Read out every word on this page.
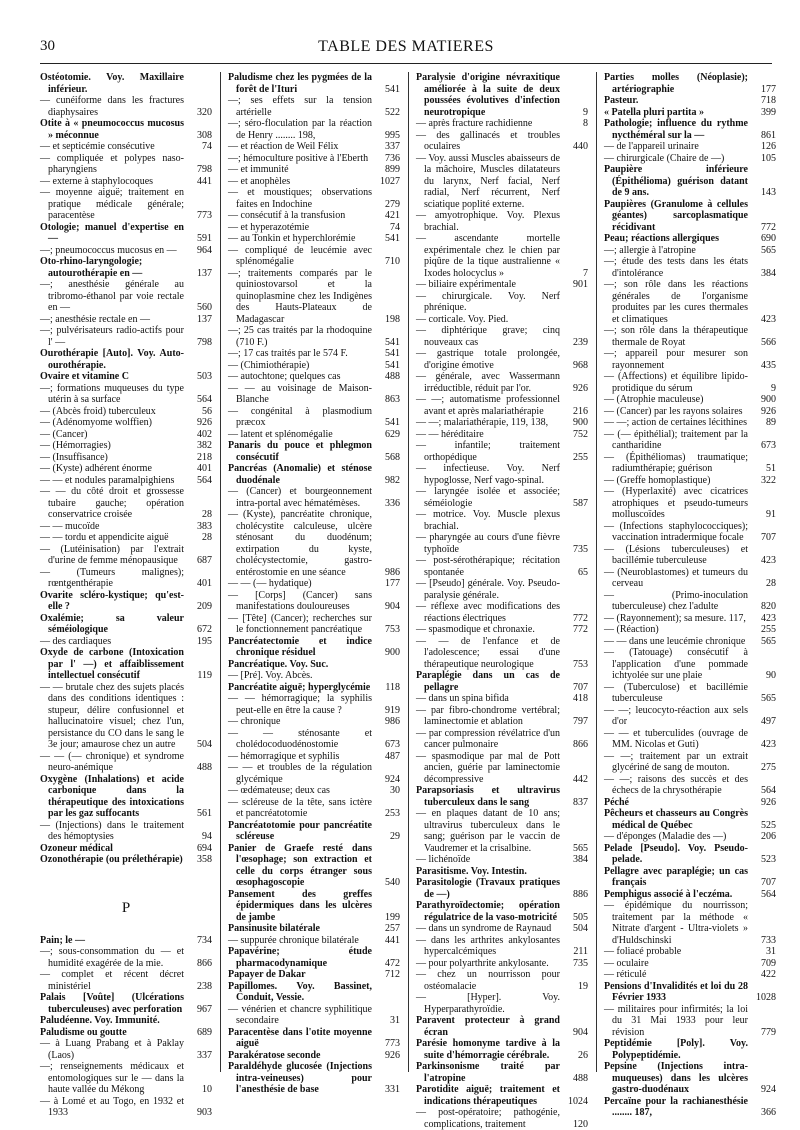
30	TABLE DES MATIERES

Ostéotomie. Voy. Maxillaire inférieur.

— cunéiforme dans les fractures diaphysaires	320

Otite à « pneumococcus mucosus » méconnue	308

— et septicémie consécutive	74

— compliquée et polypes naso-pharyngiens	798

— externe à staphylocoques	441

— moyenne aiguë; traitement en pratique médicale générale; paracentèse	773

Otologie; manuel d'expertise en —	591

—; pneumococcus mucosus en — 964

Oto-rhino-laryngologie; autourothérapie en —	137

—; anesthésie générale au tribromo-éthanol par voie rectale en —	560

—; anesthésie rectale en —	137

—; pulvérisateurs radio-actifs pour l' —	798

Ourothérapie [Auto]. Voy. Auto-ourothérapie.

Ovaire et vitamine C	503

—; formations muqueuses du type utérin à sa surface	564

— (Abcès froid) tuberculeux	56

— (Adénomyome wolffien)	926

— (Cancer)	402

— (Hémorragies)	382

— (Insuffisance)	218

— (Kyste) adhérent énorme	401

— — et nodules paramalpighiens 564

— — du côté droit et grossesse tubaire gauche; opération conservatrice croisée	28

— — mucoïde	383

— — tordu et appendicite aiguë	28

— (Lutéinisation) par l'extrait d'urine de femme ménopausique 687

— (Tumeurs malignes); rœntgenthérapie	401

Ovarite scléro-kystique; qu'est-elle ?	209

Oxalémie; sa valeur séméiologique	672

— des cardiaques	195

Oxyde de carbone (Intoxication par l' —) et affaiblissement intellectuel consécutif	119

— — brutale chez des sujets placés dans des conditions identiques : stupeur, délire confusionnel et hallucinatoire visuel; chez l'un, persistance du CO dans le sang le 3e jour; amaurose chez un autre 504

— — (— chronique) et syndrome neuro-anémique	488

Oxygène (Inhalations) et acide carbonique dans la thérapeutique des intoxications par les gaz suffocants	561

— (Injections) dans le traitement des hémoptysies	94

Ozoneur médical	694

Ozonothérapie (ou prélethérapie) 358

P

Pain; le —	734

—; sous-consommation du — et humidité exagérée de la mie.	866

— complet et récent décret ministériel	238

Palais [Voûte] (Ulcérations tuberculeuses) avec perforation 967

Paludéenne. Voy. Immunité.

Paludisme ou goutte	689

— à Luang Prabang et à Paklay (Laos)	337

—; renseignements médicaux et entomologiques sur le — dans la haute vallée du Mékong	10

— à Lomé et au Togo, en 1932 et 1933	903

Paludisme chez les pygmées de la forêt de l'Ituri	541

—; ses effets sur la tension artérielle	522

—; séro-floculation par la réaction de Henry ........ 198,	995

— et réaction de Weil Félix	337

—; hémoculture positive à l'Eberth 736

— et immunité	899

— et anophèles	1027

— et moustiques; observations faites en Indochine	279

— consécutif à la transfusion	421

— et hyperazotémie	74

— au Tonkin et hyperchlorémie	541

— compliqué de leucémie avec splénomégalie	710

—; traitements comparés par le quiniostovarsol et la quinoplasmine chez les Indigènes des Hauts-Plateaux de Madagascar	198

—; 25 cas traités par la rhodoquine (710 F.)	541

—; 17 cas traités par le 574 F.	541

— (Chimiothérapie)	541

— autochtone; quelques cas	488

— — au voisinage de Maison-Blanche	863

— congénital à plasmodium præcox	541

— latent et splénomégalie	629

Panaris du pouce et phlegmon consécutif	568

Pancréas (Anomalie) et sténose duodénale	982

— (Cancer) et bourgeonnement intra-portal avec hématémèses. 336

— (Kyste), pancréatite chronique, cholécystite calculeuse, ulcère sténosant du duodénum; extirpation du kyste, cholécystectomie, gastro-entérostomie en une séance	986

— — (— hydatique)	177

— [Corps] (Cancer) sans manifestations douloureuses	904

— [Tête] (Cancer); recherches sur le fonctionnement pancréatique 753

Pancréatectomie et indice chronique résiduel	900

Pancréatique. Voy. Suc.

— [Pré]. Voy. Abcès.

Pancréatite aiguë; hyperglycémie 118

— — hémorragique; la syphilis peut-elle en être la cause ?	919

— chronique	986

— — sténosante et cholédocoduodénostomie	673

— hémorragique et syphilis	487

— — et troubles de la régulation glycémique	924

— œdémateuse; deux cas	30

— scléreuse de la tête, sans ictère et pancréatotomie	253

Pancréatotomie pour pancréatite scléreuse	29

Panier de Graefe resté dans l'œsophage; son extraction et celle du corps étranger sous œsophagoscopie	540

Pansement des greffes épidermiques dans les ulcères de jambe	199

Pansinusite bilatérale	257

— suppurée chronique bilatérale	441

Papavérine; étude pharmacodynamique	472

Papayer de Dakar	712

Papillomes. Voy. Bassinet, Conduit, Vessie.

— vénérien et chancre syphilitique secondaire	31

Paracentèse dans l'otite moyenne aiguë	773

Parakératose seconde	926

Paraldéhyde glucosée (Injections intra-veineuses) pour l'anesthésie de base	331

Paralysie d'origine névraxitique améliorée à la suite de deux poussées évolutives d'infection neurotropique	9

— après fracture rachidienne	8

— des gallinacés et troubles oculaires	440

— Voy. aussi Muscles abaisseurs de la mâchoire, Muscles dilatateurs du larynx, Nerf facial, Nerf radial, Nerf récurrent, Nerf sciatique poplité externe.

— amyotrophique. Voy. Plexus brachial.

— ascendante mortelle expérimentale chez le chien par piqûre de la tique australienne « Ixodes holocyclus »	7

— biliaire expérimentale	901

— chirurgicale. Voy. Nerf phrénique.

— corticale. Voy. Pied.

— diphtérique grave; cinq nouveaux cas	239

— gastrique totale prolongée, d'origine émotive	968

— générale, avec Wassermann irréductible, réduit par l'or.	926

— —; automatisme professionnel avant et après malariathérapie	216

— —; malariathérapie, 119, 138, 900

— — héréditaire	752

— infantile; traitement orthopédique	255

— infectieuse. Voy. Nerf hypoglosse, Nerf vago-spinal.

— laryngée isolée et associée; séméiologie	587

— motrice. Voy. Muscle plexus brachial.

— pharyngée au cours d'une fièvre typhoïde	735

— post-sérothérapique; récitation spontanée	65

— [Pseudo] générale. Voy. Pseudo-paralysie générale.

— réflexe avec modifications des réactions électriques	772

— spasmodique et chronaxie.	772

— — de l'enfance et de l'adolescence; essai d'une thérapeutique neurologique	753

Paraplégie dans un cas de pellagre	707

— dans un spina bifida	418

— par fibro-chondrome vertébral; laminectomie et ablation	797

— par compression révélatrice d'un cancer pulmonaire	866

— spasmodique par mal de Pott ancien, guérie par laminectomie décompressive	442

Parapsoriasis et ultravirus tuberculeux dans le sang	837

— en plaques datant de 10 ans; ultravirus tuberculeux dans le sang; guérison par le vaccin de Vaudremer et la crisalbine.	565

— lichénoïde	384

Parasitisme. Voy. Intestin.

Parasitologie (Travaux pratiques de —)	886

Parathyroïdectomie; opération régulatrice de la vaso-motricité 505

— dans un syndrome de Raynaud 504

— dans les arthrites ankylosantes hypercalcémiques	211

— pour polyarthrite ankylosante. 735

— chez un nourrisson pour ostéomalacie	19

— [Hyper]. Voy. Hyperparathyroïdie.

Paravent protecteur à grand écran	904

Parésie homonyme tardive à la suite d'hémorragie cérébrale.	26

Parkinsonisme traité par l'atropine	488

Parotidite aiguë; traitement et indications thérapeutiques	1024

— post-opératoire; pathogénie, complications, traitement	120

Parties molles (Néoplasie); artériographie	177

Pasteur.	718

« Patella pluri partita »	399

Pathologie; influence du rythme nycthéméral sur la —	861

— de l'appareil urinaire	126

— chirurgicale (Chaire de —)	105

Paupière inférieure (Épithélioma) guérison datant de 9 ans.	143

Paupières (Granulome à cellules géantes) sarcoplasmatique récidivant	772

Peau; réactions allergiques	690

—; allergie à l'atropine	565

—; étude des tests dans les états d'intolérance	384

—; son rôle dans les réactions générales de l'organisme produites par les cures thermales et climatiques	423

—; son rôle dans la thérapeutique thermale de Royat	566

—; appareil pour mesurer son rayonnement	435

— (Affections) et équilibre lipido-protidique du sérum	9

— (Atrophie maculeuse)	900

— (Cancer) par les rayons solaires 926

— —; action de certaines lécithines 89

— (— épithélial); traitement par la cantharidine	673

— (Épithéliomas) traumatique; radiumthérapie; guérison	51

— (Greffe homoplastique)	322

— (Hyperlaxité) avec cicatrices atrophiques et pseudo-tumeurs molluscoïdes	91

— (Infections staphylococciques); vaccination intradermique focale 707

— (Lésions tuberculeuses) et bacillémie tuberculeuse	423

— (Neuroblastomes) et tumeurs du cerveau	28

— (Primo-inoculation tuberculeuse) chez l'adulte	820

— (Rayonnement); sa mesure. 117, 423

— (Réaction)	255

— — dans une leucémie chronique 565

— (Tatouage) consécutif à l'application d'une pommade ichtyolée sur une plaie	90

— (Tuberculose) et bacillémie tuberculeuse	565

— —; leucocyto-réaction aux sels d'or	497

— — et tuberculides (ouvrage de MM. Nicolas et Guti)	423

— —; traitement par un extrait glycériné de sang de mouton.	275

— —; raisons des succès et des échecs de la chrysothérapie	564

Péché	926

Pêcheurs et chasseurs au Congrès médical de Québec	525

— d'éponges (Maladie des —)	206

Pelade [Pseudo]. Voy. Pseudo-pelade.	523

Pellagre avec paraplégie; un cas français	707

Pemphigus associé à l'eczéma.	564

— épidémique du nourrisson; traitement par la méthode « Nitrate d'argent - Ultra-violets » d'Huldschinski	733

— foliacé probable	31

— oculaire	709

— réticulé	422

Pensions d'Invalidités et loi du 28 Février 1933	1028

— militaires pour infirmités; la loi du 31 Mai 1933 pour leur révision	779

Peptidémie [Poly]. Voy. Polypeptidémie.

Pepsine (Injections intra-muqueuses) dans les ulcères gastro-duodénaux	924

Percaïne pour la rachianesthésie ........ 187,	366
